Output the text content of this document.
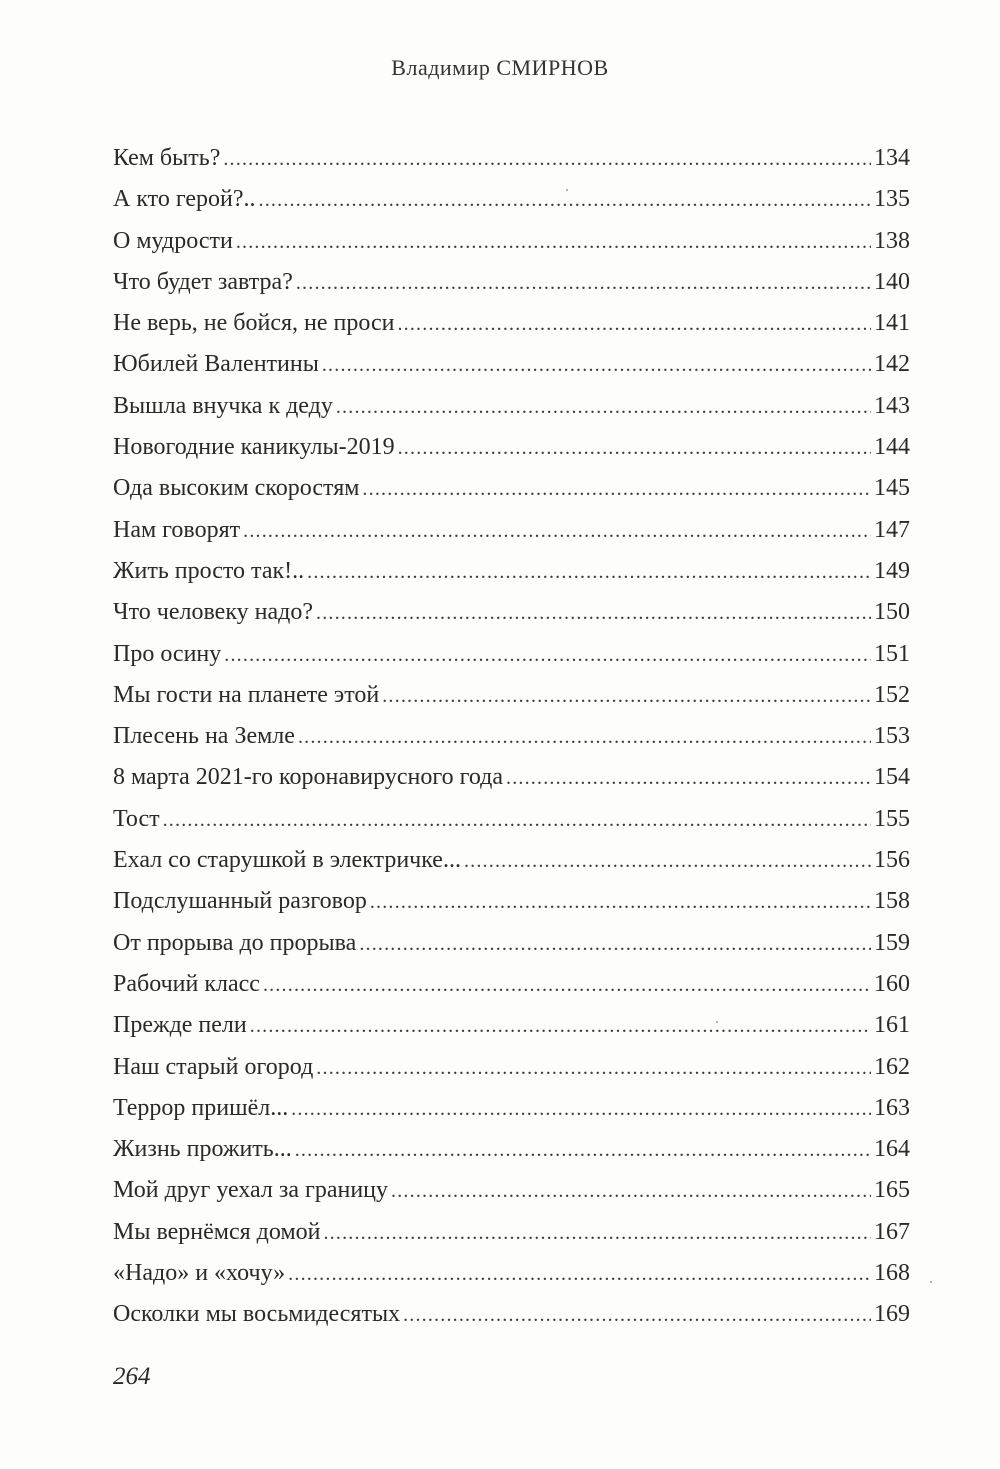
Владимир СМИРНОВ
Кем быть? .....	134
А кто герой?.. .....	135
О мудрости .....	138
Что будет завтра? .....	140
Не верь, не бойся, не проси .....	141
Юбилей Валентины .....	142
Вышла внучка к деду .....	143
Новогодние каникулы-2019 .....	144
Ода высоким скоростям .....	145
Нам говорят .....	147
Жить просто так!.. .....	149
Что человеку надо? .....	150
Про осину .....	151
Мы гости на планете этой .....	152
Плесень на Земле .....	153
8 марта 2021-го коронавирусного года .....	154
Тост .....	155
Ехал со старушкой в электричке... .....	156
Подслушанный разговор .....	158
От прорыва до прорыва .....	159
Рабочий класс .....	160
Прежде пели .....	161
Наш старый огород .....	162
Террор пришёл... .....	163
Жизнь прожить... .....	164
Мой друг уехал за границу .....	165
Мы вернёмся домой .....	167
«Надо» и «хочу» .....	168
Осколки мы восьмидесятых .....	169
264
